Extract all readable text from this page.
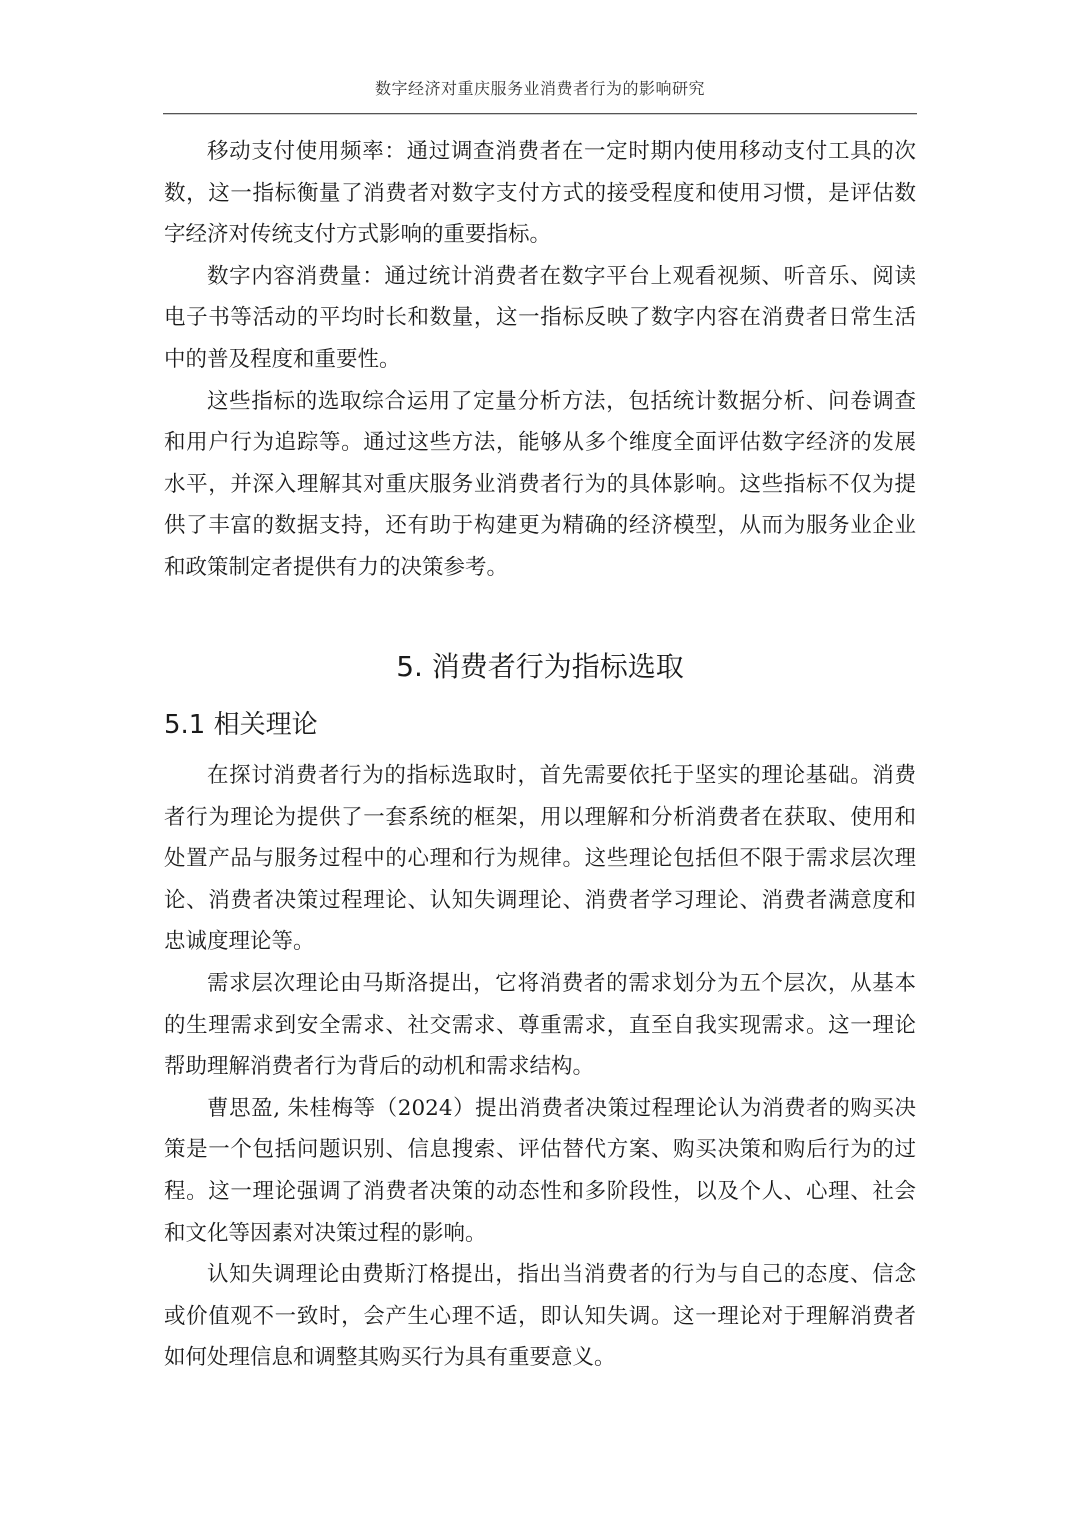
数字经济对重庆服务业消费者行为的影响研究

移动支付使用频率：通过调查消费者在一定时期内使用移动支付工具的次数，这一指标衡量了消费者对数字支付方式的接受程度和使用习惯，是评估数字经济对传统支付方式影响的重要指标。

数字内容消费量：通过统计消费者在数字平台上观看视频、听音乐、阅读电子书等活动的平均时长和数量，这一指标反映了数字内容在消费者日常生活中的普及程度和重要性。

这些指标的选取综合运用了定量分析方法，包括统计数据分析、问卷调查和用户行为追踪等。通过这些方法，能够从多个维度全面评估数字经济的发展水平，并深入理解其对重庆服务业消费者行为的具体影响。这些指标不仅为提供了丰富的数据支持，还有助于构建更为精确的经济模型，从而为服务业企业和政策制定者提供有力的决策参考。

5. 消费者行为指标选取
5.1 相关理论

在探讨消费者行为的指标选取时，首先需要依托于坚实的理论基础。消费者行为理论为提供了一套系统的框架，用以理解和分析消费者在获取、使用和处置产品与服务过程中的心理和行为规律。这些理论包括但不限于需求层次理论、消费者决策过程理论、认知失调理论、消费者学习理论、消费者满意度和忠诚度理论等。

需求层次理论由马斯洛提出，它将消费者的需求划分为五个层次，从基本的生理需求到安全需求、社交需求、尊重需求，直至自我实现需求。这一理论帮助理解消费者行为背后的动机和需求结构。

曹思盈, 朱桂梅等（2024）提出消费者决策过程理论认为消费者的购买决策是一个包括问题识别、信息搜索、评估替代方案、购买决策和购后行为的过程。这一理论强调了消费者决策的动态性和多阶段性，以及个人、心理、社会和文化等因素对决策过程的影响。

认知失调理论由费斯汀格提出，指出当消费者的行为与自己的态度、信念或价值观不一致时，会产生心理不适，即认知失调。这一理论对于理解消费者如何处理信息和调整其购买行为具有重要意义。
